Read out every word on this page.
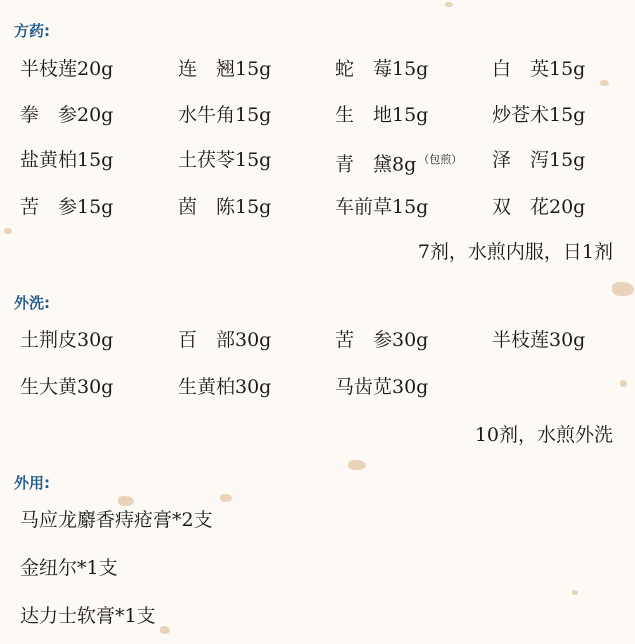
方药:
半枝莲20g	连　翘15g	蛇　莓15g	白　英15g
拳　参20g	水牛角15g	生　地15g	炒苍术15g
盐黄柏15g	土茯苓15g	青　黛8g $^{(包煎)}$ 泽　泻15g
苦　参15g	茵　陈15g	车前草15g	双　花20g
7剂，水煎内服，日1剂
外洗:
土荆皮30g	百　部30g	苦　参30g	半枝莲30g
生大黄30g	生黄柏30g	马齿苋30g
10剂，水煎外洗
外用:
马应龙麝香痔疮膏*2支
金纽尔*1支
达力士软膏*1支
